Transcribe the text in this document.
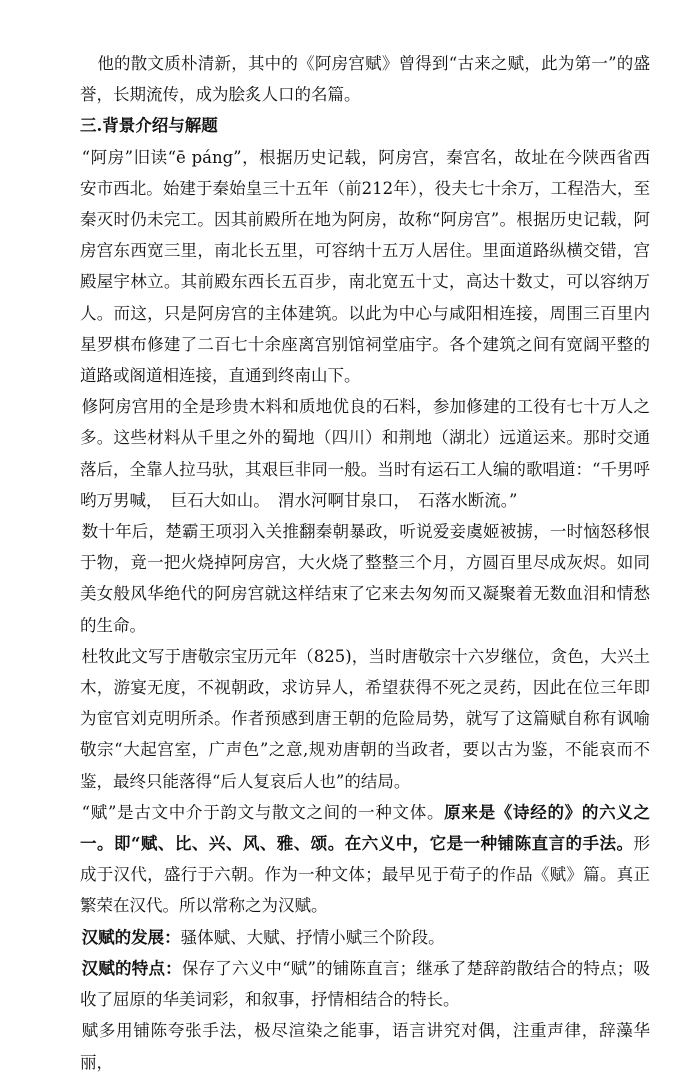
他的散文质朴清新，其中的《阿房宫赋》曾得到“古来之赋，此为第一”的盛誉，长期流传，成为脍炙人口的名篇。

三.背景介绍与解题

“阿房”旧读“ē páng”，根据历史记载，阿房宫，秦宫名，故址在今陕西省西安市西北。始建于秦始皇三十五年（前212年），役夫七十余万，工程浩大，至秦灭时仍未完工。因其前殿所在地为阿房，故称“阿房宫”。根据历史记载，阿房宫东西宽三里，南北长五里，可容纳十五万人居住。里面道路纵横交错，宫殿屋宇林立。其前殿东西长五百步，南北宽五十丈，高达十数丈，可以容纳万人。而这，只是阿房宫的主体建筑。以此为中心与咸阳相连接，周围三百里内星罗棋布修建了二百七十余座离宫别馆祠堂庙宇。各个建筑之间有宽阔平整的道路或阁道相连接，直通到终南山下。

修阿房宫用的全是珍贵木料和质地优良的石料，参加修建的工役有七十万人之多。这些材料从千里之外的蜀地（四川）和荆地（湖北）远道运来。那时交通落后，全靠人拉马驮，其艰巨非同一般。当时有运石工人编的歌唱道：“千男呼哟万男喊，　巨石大如山。　渭水河啊甘泉口，　石落水断流。”

数十年后，楚霸王项羽入关推翻秦朝暴政，听说爱妾虞姬被掳，一时恼怒移恨于物，竟一把火烧掉阿房宫，大火烧了整整三个月，方圆百里尽成灰烬。如同美女般风华绝代的阿房宫就这样结束了它来去匆匆而又凝聚着无数血泪和情愁的生命。

杜牧此文写于唐敬宗宝历元年（825)，当时唐敬宗十六岁继位，贪色，大兴土木，游宴无度，不视朝政，求访异人，希望获得不死之灵药，因此在位三年即为宦官刘克明所杀。作者预感到唐王朝的危险局势，就写了这篇赋自称有讽喻敬宗“大起宫室，广声色”之意,规劝唐朝的当政者，要以古为鉴，不能哀而不鉴，最终只能落得“后人复哀后人也”的结局。

“赋”是古文中介于韵文与散文之间的一种文体。原来是《诗经的》的六义之一。即“赋、比、兴、风、雅、颂。在六义中，它是一种铺陈直言的手法。形成于汉代，盛行于六朝。作为一种文体；最早见于荀子的作品《赋》篇。真正繁荣在汉代。所以常称之为汉赋。

汉赋的发展：骚体赋、大赋、抒情小赋三个阶段。

汉赋的特点：保存了六义中“赋”的铺陈直言；继承了楚辞韵散结合的特点；吸收了屈原的华美词彩，和叙事，抒情相结合的特长。

赋多用铺陈夸张手法，极尽渲染之能事，语言讲究对偶，注重声律，辞藻华丽，
